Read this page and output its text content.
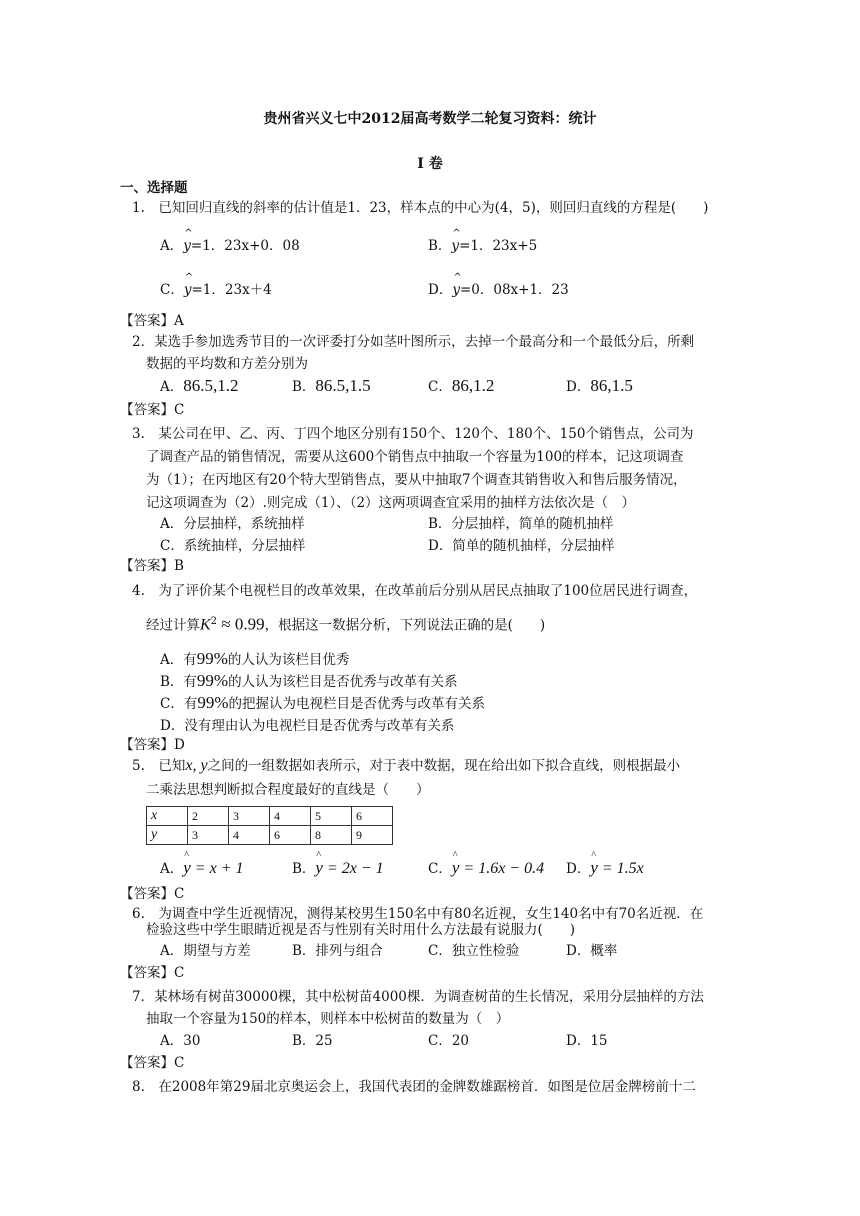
贵州省兴义七中2012届高考数学二轮复习资料：统计
I 卷
一、选择题
1.　已知回归直线的斜率的估计值是1．23，样本点的中心为(4，5)，则回归直线的方程是(　　)
A．^ y=1．23x+0．08	B．^ y=1．23x+5
C．^ y=1．23x＋4	D．^ y=0．08x+1．23
【答案】A
2．某选手参加选秀节目的一次评委打分如茎叶图所示，去掉一个最高分和一个最低分后，所剩
数据的平均数和方差分别为
A．86.5,1.2	B．86.5,1.5	C．86,1.2	D．86,1.5
【答案】C
3.　某公司在甲、乙、丙、丁四个地区分别有150个、120个、180个、150个销售点，公司为
了调查产品的销售情况，需要从这600个销售点中抽取一个容量为100的样本，记这项调查
为（1）；在丙地区有20个特大型销售点，要从中抽取7个调查其销售收入和售后服务情况，
记这项调查为（2）.则完成（1）、（2）这两项调查宜采用的抽样方法依次是（　）
A．分层抽样，系统抽样	B．分层抽样，简单的随机抽样
C．系统抽样，分层抽样	D．简单的随机抽样，分层抽样
【答案】B
4.　为了评价某个电视栏目的改革效果，在改革前后分别从居民点抽取了100位居民进行调查，
经过计算$K^2 \approx 0.99$，根据这一数据分析，下列说法正确的是(　　)
A．有99%的人认为该栏目优秀
B．有99%的人认为该栏目是否优秀与改革有关系
C．有99%的把握认为电视栏目是否优秀与改革有关系
D．没有理由认为电视栏目是否优秀与改革有关系
【答案】D
5.　已知x, y之间的一组数据如表所示，对于表中数据，现在给出如下拟合直线，则根据最小
二乘法思想判断拟合程度最好的直线是（　　）
x	2	3	4	5	6
y	3	4	6	8	9
A．^ y = x + 1	B．^ y = 2x − 1	C．^ y = 1.6x − 0.4 D．^ y = 1.5x
【答案】C
6.　为调查中学生近视情况，测得某校男生150名中有80名近视，女生140名中有70名近视．在
检验这些中学生眼睛近视是否与性别有关时用什么方法最有说服力(　　)
A．期望与方差	B．排列与组合	C．独立性检验	D．概率
【答案】C
7．某林场有树苗30000棵，其中松树苗4000棵．为调查树苗的生长情况，采用分层抽样的方法
抽取一个容量为150的样本，则样本中松树苗的数量为（　）
A．30	B．25	C．20	D．15
【答案】C
8.　在2008年第29届北京奥运会上，我国代表团的金牌数雄踞榜首．如图是位居金牌榜前十二
